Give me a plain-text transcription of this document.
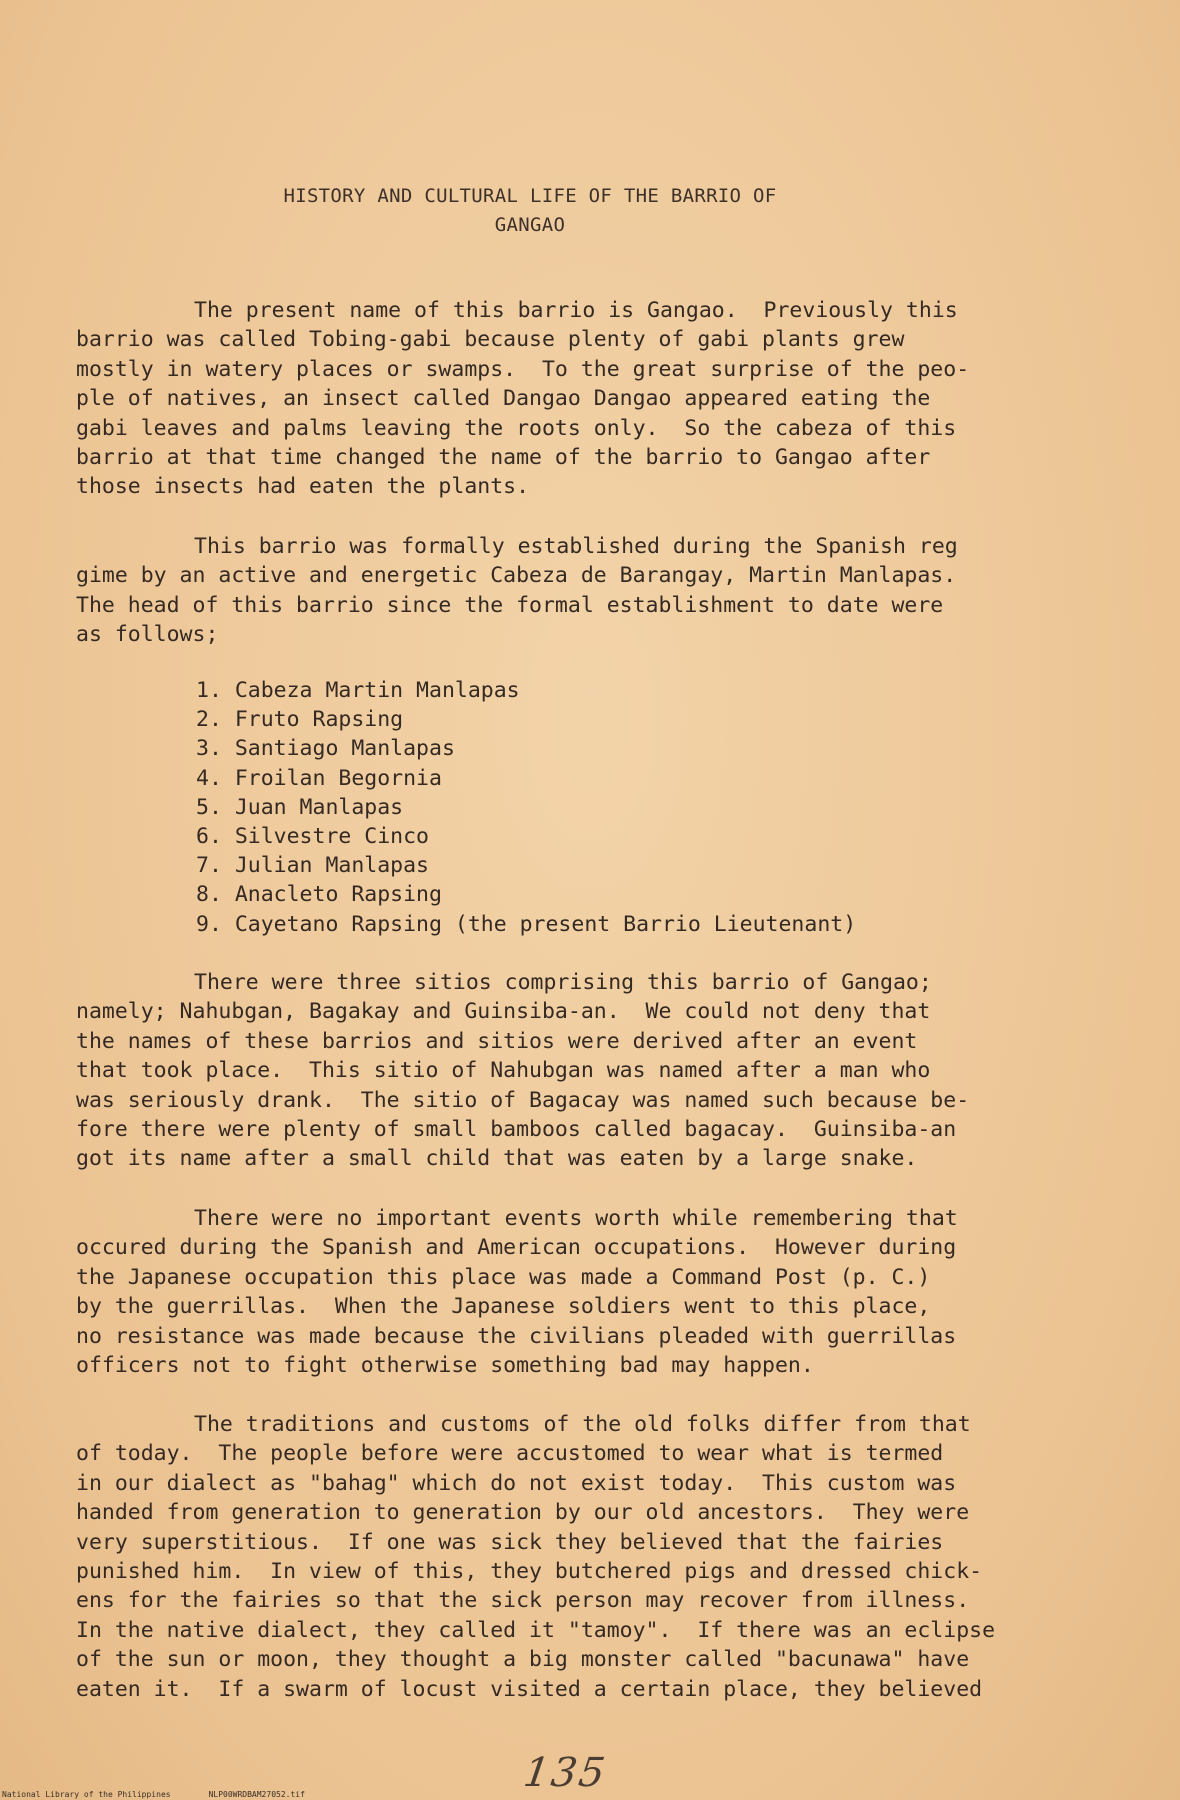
HISTORY AND CULTURAL LIFE OF THE BARRIO OF
GANGAO

The present name of this barrio is Gangao.  Previously this
barrio was called Tobing-gabi because plenty of gabi plants grew
mostly in watery places or swamps.  To the great surprise of the peo-
ple of natives, an insect called Dangao Dangao appeared eating the
gabi leaves and palms leaving the roots only.  So the cabeza of this
barrio at that time changed the name of the barrio to Gangao after
those insects had eaten the plants.

This barrio was formally established during the Spanish reg
gime by an active and energetic Cabeza de Barangay, Martin Manlapas.
The head of this barrio since the formal establishment to date were
as follows;

1. Cabeza Martin Manlapas
2. Fruto Rapsing
3. Santiago Manlapas
4. Froilan Begornia
5. Juan Manlapas
6. Silvestre Cinco
7. Julian Manlapas
8. Anacleto Rapsing
9. Cayetano Rapsing (the present Barrio Lieutenant)

There were three sitios comprising this barrio of Gangao;
namely; Nahubgan, Bagakay and Guinsiba-an.  We could not deny that
the names of these barrios and sitios were derived after an event
that took place.  This sitio of Nahubgan was named after a man who
was seriously drank.  The sitio of Bagacay was named such because be-
fore there were plenty of small bamboos called bagacay.  Guinsiba-an
got its name after a small child that was eaten by a large snake.

There were no important events worth while remembering that
occured during the Spanish and American occupations.  However during
the Japanese occupation this place was made a Command Post (p. C.)
by the guerrillas.  When the Japanese soldiers went to this place,
no resistance was made because the civilians pleaded with guerrillas
officers not to fight otherwise something bad may happen.

The traditions and customs of the old folks differ from that
of today.  The people before were accustomed to wear what is termed
in our dialect as "bahag" which do not exist today.  This custom was
handed from generation to generation by our old ancestors.  They were
very superstitious.  If one was sick they believed that the fairies
punished him.  In view of this, they butchered pigs and dressed chick-
ens for the fairies so that the sick person may recover from illness.
In the native dialect, they called it "tamoy".  If there was an eclipse
of the sun or moon, they thought a big monster called "bacunawa" have
eaten it.  If a swarm of locust visited a certain place, they believed

135
National Library of the Philippines	NLP00WRDBAM27052.tif
